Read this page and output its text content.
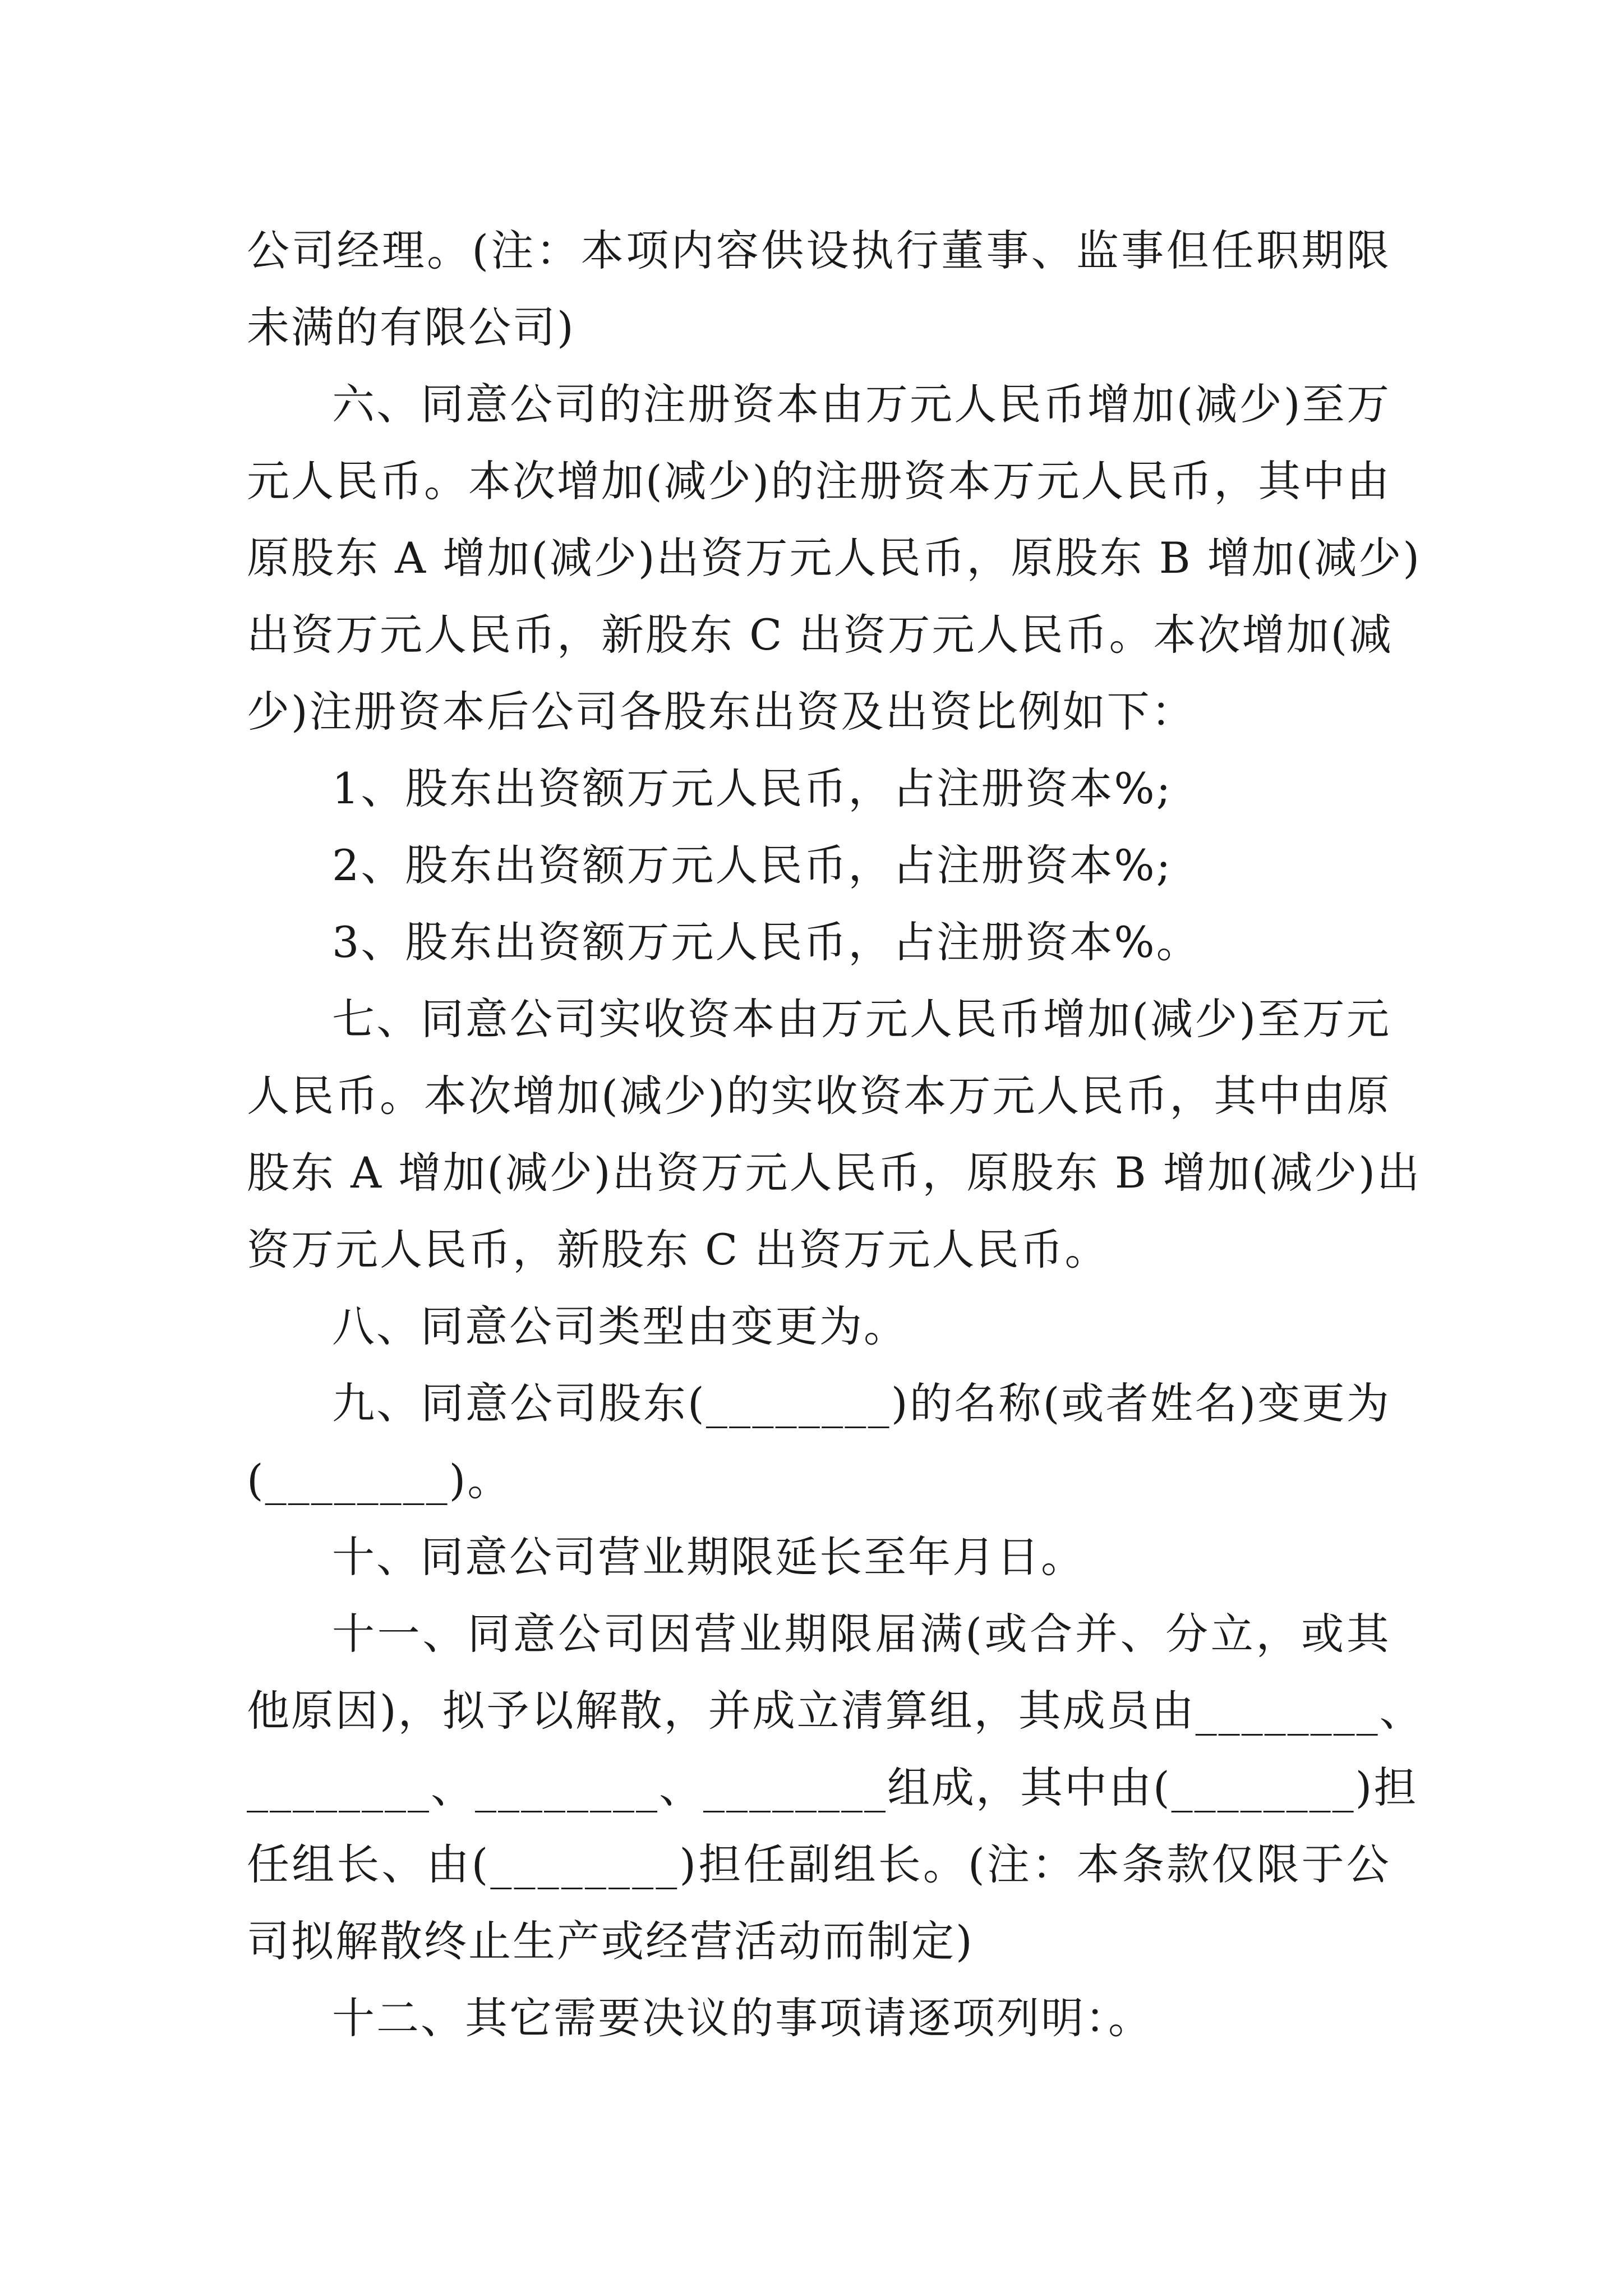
公 司 经 理 。 ( 注 ： 本 项 内 容 供 设 执 行 董 事 、 监 事 但 任 职 期 限
未满的有限公司)
六 、 同 意 公 司 的 注 册 资 本 由 万 元 人 民 币 增 加 ( 减 少 ) 至 万
元 人 民 币 。 本 次 增 加 ( 减 少 ) 的 注 册 资 本 万 元 人 民 币 ， 其 中 由
原 股 东
A
增 加 ( 减 少 ) 出 资 万 元 人 民 币 ， 原 股 东
B
增 加 ( 减 少 )
出 资 万 元 人 民 币 ， 新 股 东
C
出 资 万 元 人 民 币 。 本 次 增 加 ( 减
少)注册资本后公司各股东出资及出资比例如下：
1、股东出资额万元人民币，占注册资本%;
2、股东出资额万元人民币，占注册资本%;
3、股东出资额万元人民币，占注册资本%。
七 、 同 意 公 司 实 收 资 本 由 万 元 人 民 币 增 加 ( 减 少 ) 至 万 元
人 民 币 。 本 次 增 加 ( 减 少 ) 的 实 收 资 本 万 元 人 民 币 ， 其 中 由 原
股 东
A
增 加 ( 减 少 ) 出 资 万 元 人 民 币 ， 原 股 东
B
增 加 ( 减 少 ) 出
资万元人民币，新股东 C 出资万元人民币。
八、同意公司类型由变更为。
九 、 同 意 公 司 股 东 ( _ _ _ _ _ _ _ _ ) 的 名 称 ( 或 者 姓 名 ) 变 更 为
(________)。
十、同意公司营业期限延长至年月日。
十 一 、 同 意 公 司 因 营 业 期 限 届 满 ( 或 合 并 、 分 立 ， 或 其
他 原 因 ) ， 拟 予 以 解 散 ， 并 成 立 清 算 组 ， 其 成 员 由 _ _ _ _ _ _ _ _ 、
_ _ _ _ _ _ _ _ 、 _ _ _ _ _ _ _ _ 、 _ _ _ _ _ _ _ _ 组 成 ， 其 中 由 ( _ _ _ _ _ _ _ _ ) 担
任 组 长 、 由 ( _ _ _ _ _ _ _ _ ) 担 任 副 组 长 。 ( 注 ： 本 条 款 仅 限 于 公
司拟解散终止生产或经营活动而制定)
十二、其它需要决议的事项请逐项列明：。
